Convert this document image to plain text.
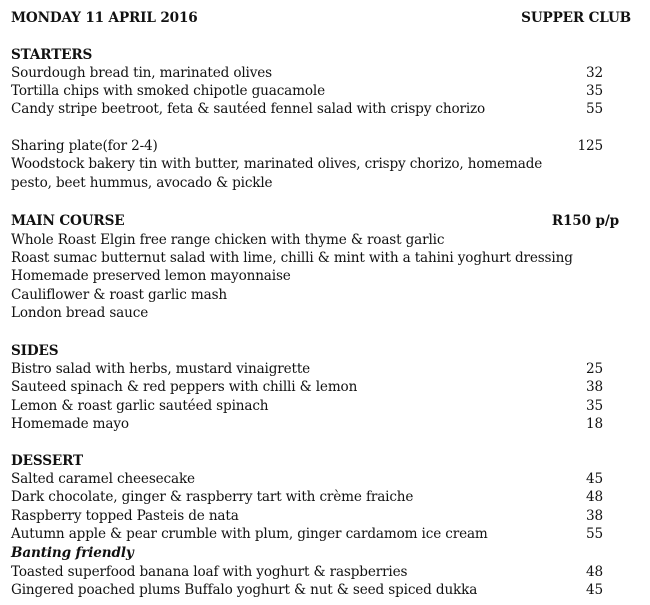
MONDAY 11 APRIL 2016	SUPPER CLUB
STARTERS
Sourdough bread tin, marinated olives	32
Tortilla chips with smoked chipotle guacamole	35
Candy stripe beetroot, feta & sautéed fennel salad with crispy chorizo	55
Sharing plate(for 2-4)	125
Woodstock bakery tin with butter, marinated olives, crispy chorizo, homemade
pesto, beet hummus, avocado & pickle
MAIN COURSE	R150 p/p
Whole Roast Elgin free range chicken with thyme & roast garlic
Roast sumac butternut salad with lime, chilli & mint with a tahini yoghurt dressing
Homemade preserved lemon mayonnaise
Cauliflower & roast garlic mash
London bread sauce
SIDES
Bistro salad with herbs, mustard vinaigrette	25
Sauteed spinach & red peppers with chilli & lemon	38
Lemon & roast garlic sautéed spinach	35
Homemade mayo	18
DESSERT
Salted caramel cheesecake	45
Dark chocolate, ginger & raspberry tart with crème fraiche	48
Raspberry topped Pasteis de nata	38
Autumn apple & pear crumble with plum, ginger cardamom ice cream	55
Banting friendly
Toasted superfood banana loaf with yoghurt & raspberries	48
Gingered poached plums Buffalo yoghurt & nut & seed spiced dukka	45
